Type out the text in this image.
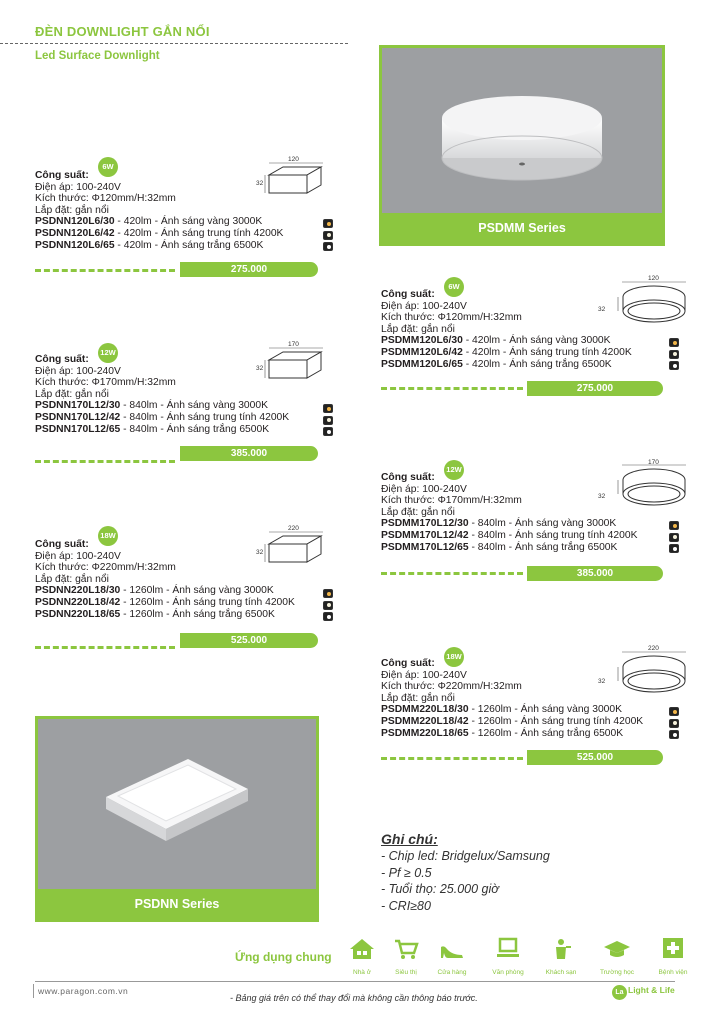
ĐÈN DOWNLIGHT GẮN NỔI
Led Surface Downlight
PSDMM Series
PSDNN Series
6W
Công suất:
Điện áp: 100-240V
Kích thước: Φ120mm/H:32mm
Lắp đặt: gắn nổi
PSDNN120L6/30 - 420lm - Ánh sáng vàng 3000K
PSDNN120L6/42 - 420lm - Ánh sáng trung tính 4200K
PSDNN120L6/65 - 420lm - Ánh sáng trắng 6500K
120
32
275.000
12W
Công suất:
Điện áp: 100-240V
Kích thước: Φ170mm/H:32mm
Lắp đặt: gắn nổi
PSDNN170L12/30 - 840lm - Ánh sáng vàng 3000K
PSDNN170L12/42 - 840lm - Ánh sáng trung tính 4200K
PSDNN170L12/65 - 840lm - Ánh sáng trắng 6500K
170
32
385.000
18W
Công suất:
Điện áp: 100-240V
Kích thước: Φ220mm/H:32mm
Lắp đặt: gắn nổi
PSDNN220L18/30 - 1260lm - Ánh sáng vàng 3000K
PSDNN220L18/42 - 1260lm - Ánh sáng trung tính 4200K
PSDNN220L18/65 - 1260lm - Ánh sáng trắng 6500K
220
32
525.000
6W
Công suất:
Điện áp: 100-240V
Kích thước: Φ120mm/H:32mm
Lắp đặt: gắn nổi
PSDMM120L6/30 - 420lm - Ánh sáng vàng 3000K
PSDMM120L6/42 - 420lm - Ánh sáng trung tính 4200K
PSDMM120L6/65 - 420lm - Ánh sáng trắng 6500K
120
32
275.000
12W
Công suất:
Điện áp: 100-240V
Kích thước: Φ170mm/H:32mm
Lắp đặt: gắn nổi
PSDMM170L12/30 - 840lm - Ánh sáng vàng 3000K
PSDMM170L12/42 - 840lm - Ánh sáng trung tính 4200K
PSDMM170L12/65 - 840lm - Ánh sáng trắng 6500K
170
32
385.000
18W
Công suất:
Điện áp: 100-240V
Kích thước: Φ220mm/H:32mm
Lắp đặt: gắn nổi
PSDMM220L18/30 - 1260lm - Ánh sáng vàng 3000K
PSDMM220L18/42 - 1260lm - Ánh sáng trung tính 4200K
PSDMM220L18/65 - 1260lm - Ánh sáng trắng 6500K
220
32
525.000
Ghi chú:
- Chip led: Bridgelux/Samsung
- Pf ≥ 0.5
- Tuổi thọ: 25.000 giờ
- CRI≥80
Ứng dụng chung
Nhà ở	Siêu thị	Cửa hàng	Văn phòng	Khách sạn	Trường học	Bệnh viện
www.paragon.com.vn
- Bảng giá trên có thể thay đổi mà không cần thông báo trước.
La Light & Life
